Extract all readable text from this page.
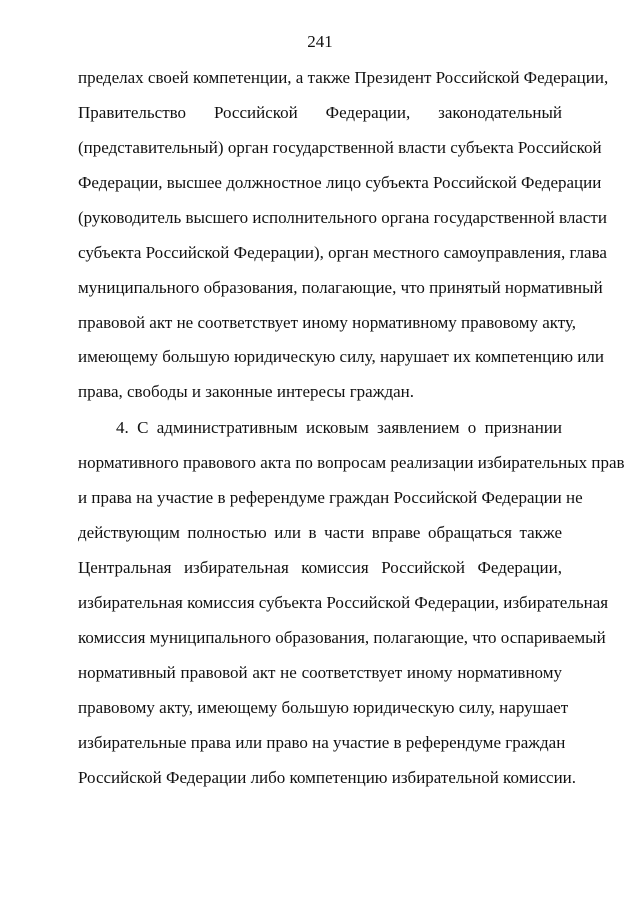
241
пределах своей компетенции, а также Президент Российской Федерации,
Правительство Российской Федерации, законодательный
(представительный) орган государственной власти субъекта Российской
Федерации, высшее должностное лицо субъекта Российской Федерации
(руководитель высшего исполнительного органа государственной власти
субъекта Российской Федерации), орган местного самоуправления, глава
муниципального образования, полагающие, что принятый нормативный
правовой акт не соответствует иному нормативному правовому акту,
имеющему большую юридическую силу, нарушает их компетенцию или
права, свободы и законные интересы граждан.
4. С административным исковым заявлением о признании
нормативного правового акта по вопросам реализации избирательных прав
и права на участие в референдуме граждан Российской Федерации не
действующим полностью или в части вправе обращаться также
Центральная избирательная комиссия Российской Федерации,
избирательная комиссия субъекта Российской Федерации, избирательная
комиссия муниципального образования, полагающие, что оспариваемый
нормативный правовой акт не соответствует иному нормативному
правовому акту, имеющему большую юридическую силу, нарушает
избирательные права или право на участие в референдуме граждан
Российской Федерации либо компетенцию избирательной комиссии.
